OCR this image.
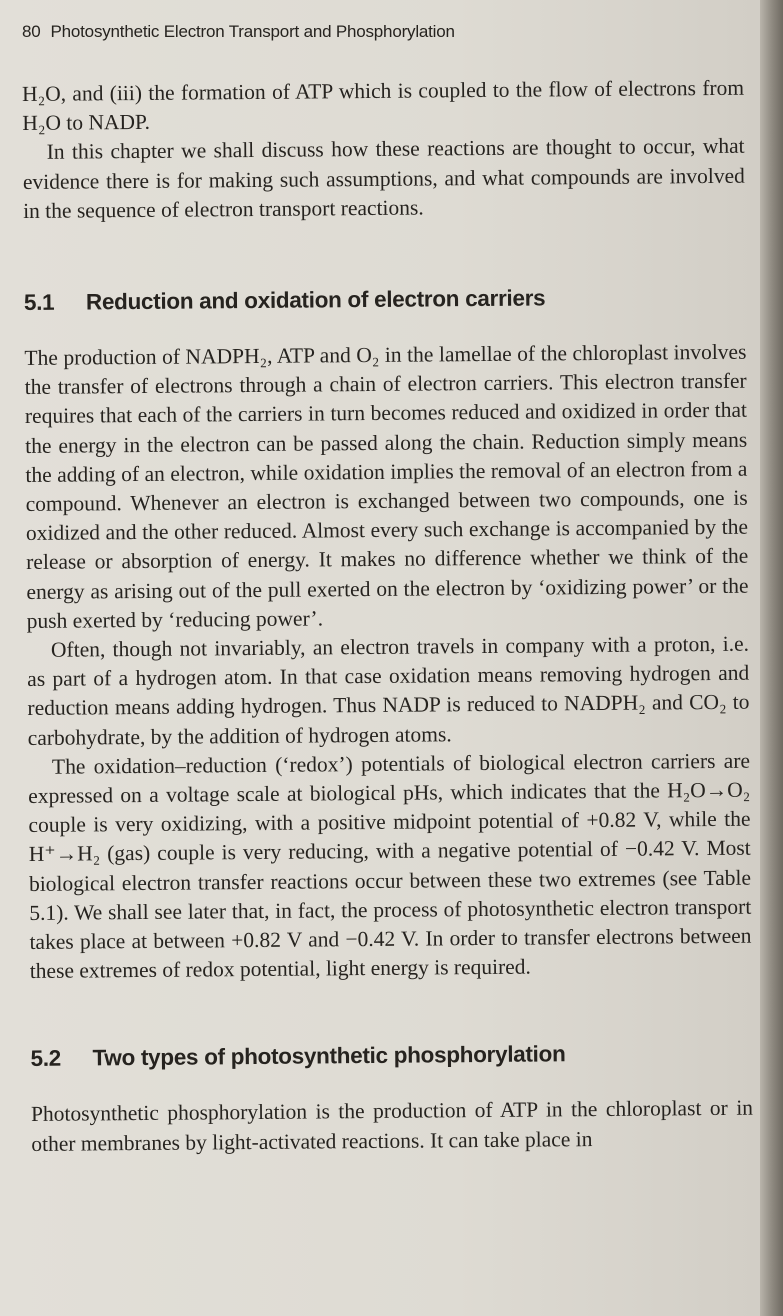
80 Photosynthetic Electron Transport and Phosphorylation

H₂O, and (iii) the formation of ATP which is coupled to the flow of electrons from H₂O to NADP.

In this chapter we shall discuss how these reactions are thought to occur, what evidence there is for making such assumptions, and what compounds are involved in the sequence of electron transport reactions.

5.1 Reduction and oxidation of electron carriers

The production of NADPH₂, ATP and O₂ in the lamellae of the chloroplast involves the transfer of electrons through a chain of electron carriers. This electron transfer requires that each of the carriers in turn becomes reduced and oxidized in order that the energy in the electron can be passed along the chain. Reduction simply means the adding of an electron, while oxidation implies the removal of an electron from a compound. Whenever an electron is exchanged between two compounds, one is oxidized and the other reduced. Almost every such exchange is accompanied by the release or absorption of energy. It makes no difference whether we think of the energy as arising out of the pull exerted on the electron by ‘oxidizing power’ or the push exerted by ‘reducing power’.

Often, though not invariably, an electron travels in company with a proton, i.e. as part of a hydrogen atom. In that case oxidation means removing hydrogen and reduction means adding hydrogen. Thus NADP is reduced to NADPH₂ and CO₂ to carbohydrate, by the addition of hydrogen atoms.

The oxidation–reduction (‘redox’) potentials of biological electron carriers are expressed on a voltage scale at biological pHs, which indicates that the H₂O→O₂ couple is very oxidizing, with a positive midpoint potential of +0.82 V, while the H⁺→H₂ (gas) couple is very reducing, with a negative potential of −0.42 V. Most biological electron transfer reactions occur between these two extremes (see Table 5.1). We shall see later that, in fact, the process of photosynthetic electron transport takes place at between +0.82 V and −0.42 V. In order to transfer electrons between these extremes of redox potential, light energy is required.

5.2 Two types of photosynthetic phosphorylation

Photosynthetic phosphorylation is the production of ATP in the chloroplast or in other membranes by light-activated reactions. It can take place in
